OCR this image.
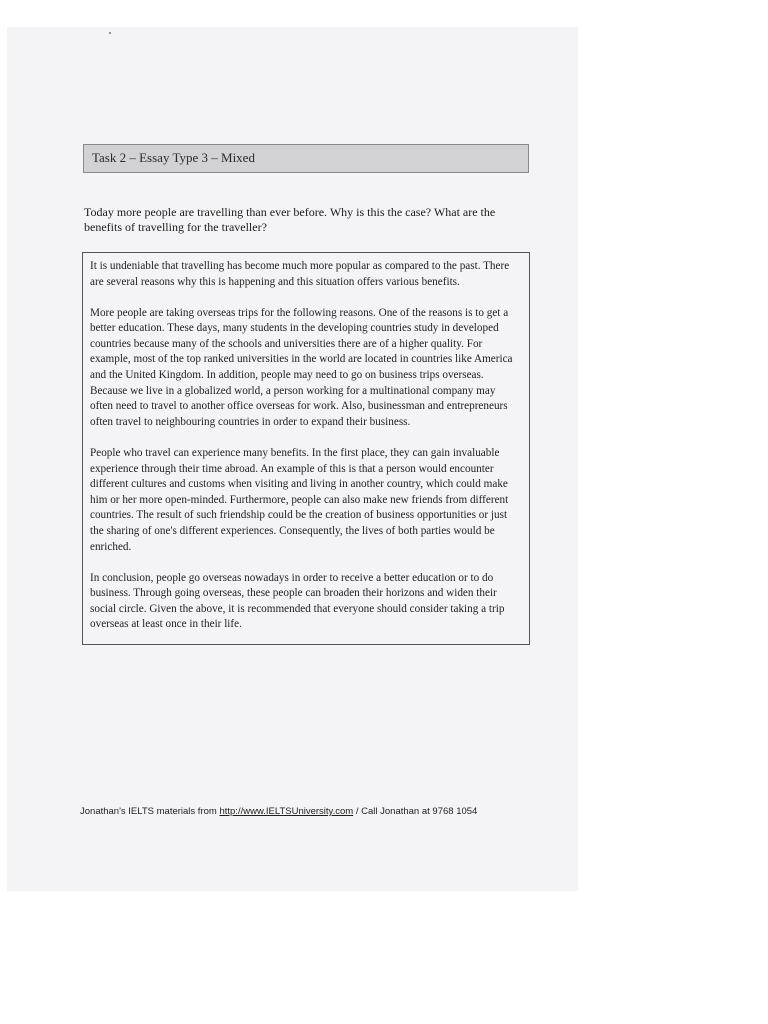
Task 2 – Essay Type 3 – Mixed
Today more people are travelling than ever before. Why is this the case? What are the benefits of travelling for the traveller?

It is undeniable that travelling has become much more popular as compared to the past. There are several reasons why this is happening and this situation offers various benefits.

More people are taking overseas trips for the following reasons. One of the reasons is to get a better education. These days, many students in the developing countries study in developed countries because many of the schools and universities there are of a higher quality. For example, most of the top ranked universities in the world are located in countries like America and the United Kingdom. In addition, people may need to go on business trips overseas. Because we live in a globalized world, a person working for a multinational company may often need to travel to another office overseas for work. Also, businessman and entrepreneurs often travel to neighbouring countries in order to expand their business.

People who travel can experience many benefits. In the first place, they can gain invaluable experience through their time abroad. An example of this is that a person would encounter different cultures and customs when visiting and living in another country, which could make him or her more open-minded. Furthermore, people can also make new friends from different countries. The result of such friendship could be the creation of business opportunities or just the sharing of one's different experiences. Consequently, the lives of both parties would be enriched.

In conclusion, people go overseas nowadays in order to receive a better education or to do business. Through going overseas, these people can broaden their horizons and widen their social circle. Given the above, it is recommended that everyone should consider taking a trip overseas at least once in their life.

Jonathan's IELTS materials from http://www.IELTSUniversity.com / Call Jonathan at 9768 1054
